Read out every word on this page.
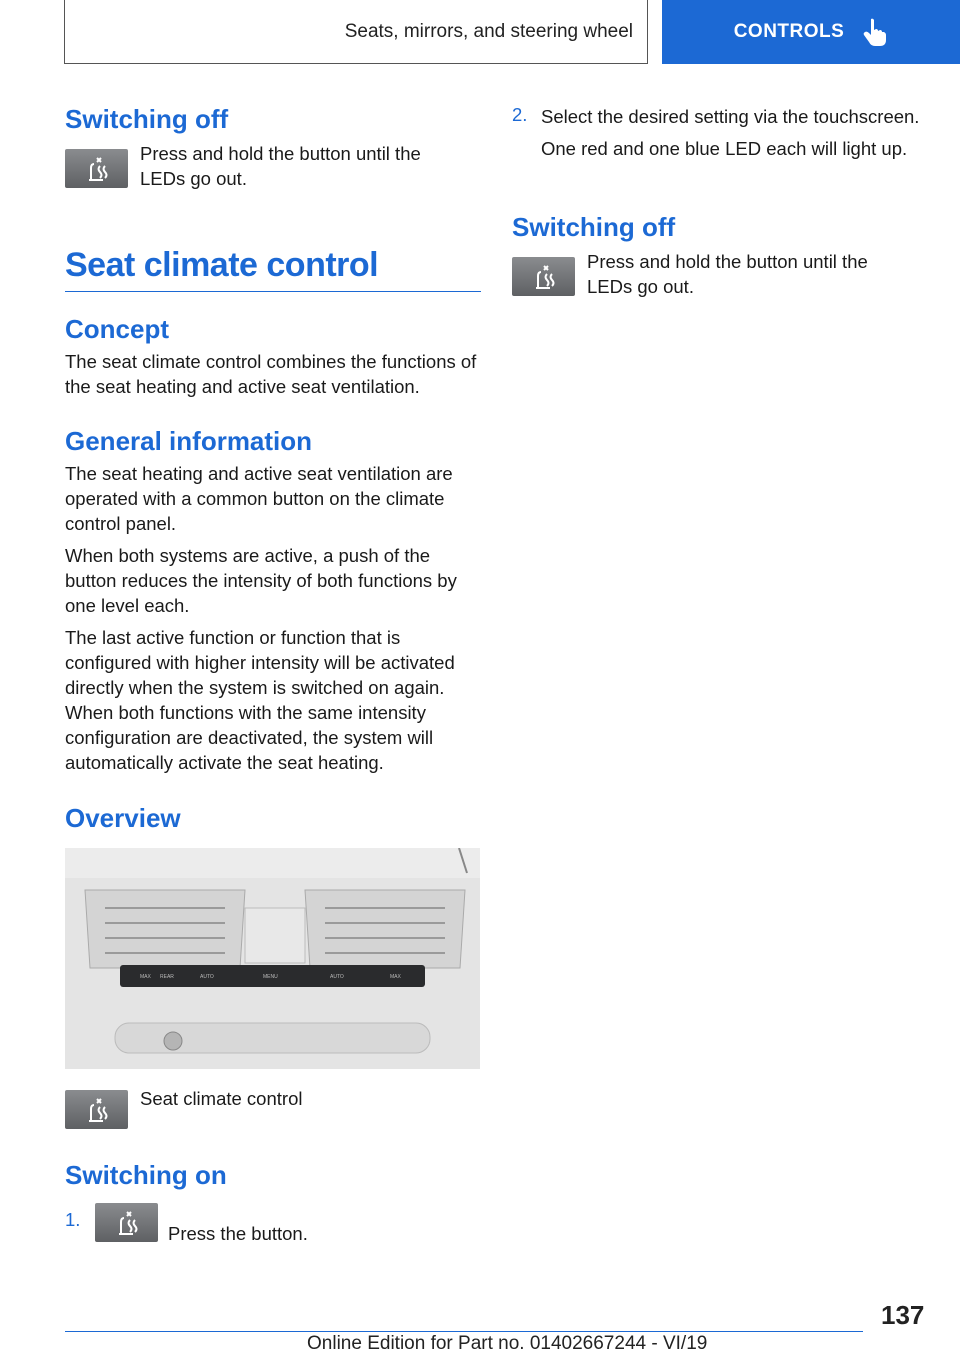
Seats, mirrors, and steering wheel	CONTROLS
Switching off

Press and hold the button until the LEDs go out.

Seat climate control
Concept

The seat climate control combines the functions of the seat heating and active seat ventilation.

General information

The seat heating and active seat ventilation are operated with a common button on the climate control panel.

When both systems are active, a push of the button reduces the intensity of both functions by one level each.

The last active function or function that is configured with higher intensity will be activated directly when the system is switched on again. When both functions with the same intensity configuration are deactivated, the system will automatically activate the seat heating.

Overview
MAX REAR	MENU
AUTO	AUTO	MAX

Seat climate control

Switching on
1.

Press the button.

2. Select the desired setting via the touchscreen.

One red and one blue LED each will light up.

Switching off

Press and hold the button until the LEDs go out.

137
Online Edition for Part no. 01402667244 - VI/19
